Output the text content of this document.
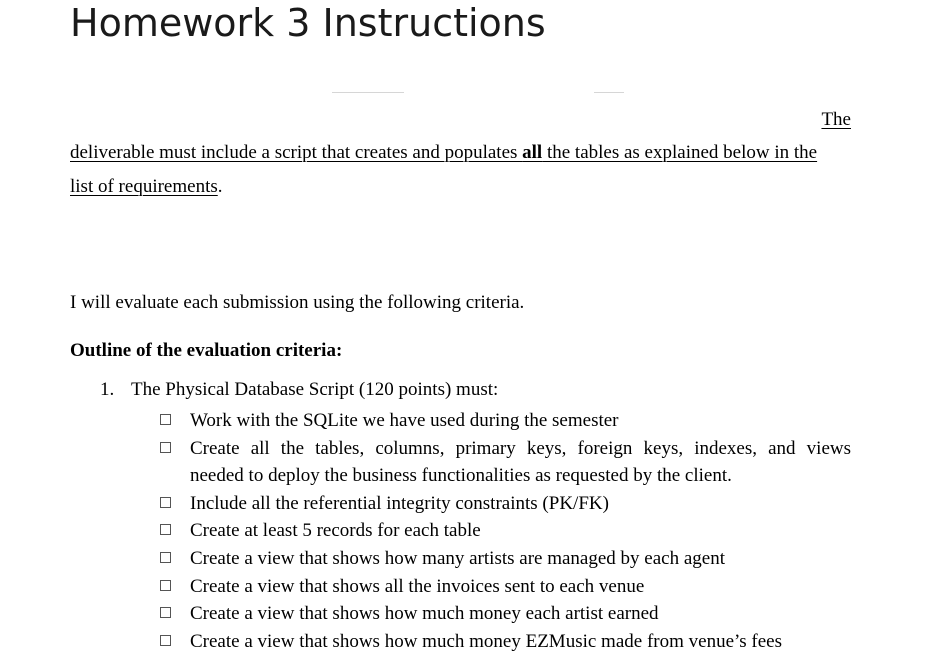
Homework 3 Instructions
The
deliverable must include a script that creates and populates all the tables as explained below in the
list of requirements.
I will evaluate each submission using the following criteria.
Outline of the evaluation criteria:
1. The Physical Database Script (120 points) must:
Work with the SQLite we have used during the semester
Create all the tables, columns, primary keys, foreign keys, indexes, and views
needed to deploy the business functionalities as requested by the client.
Include all the referential integrity constraints (PK/FK)
Create at least 5 records for each table
Create a view that shows how many artists are managed by each agent
Create a view that shows all the invoices sent to each venue
Create a view that shows how much money each artist earned
Create a view that shows how much money EZMusic made from venue’s fees
